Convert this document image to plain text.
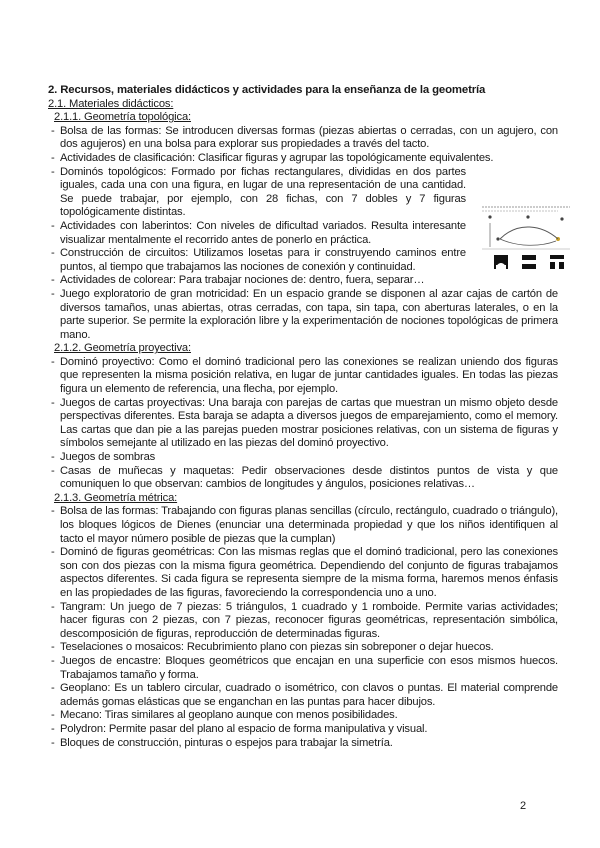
2. Recursos, materiales didácticos y actividades para la enseñanza de la geometría
2.1. Materiales didácticos:
2.1.1. Geometría topológica:
- Bolsa de las formas: Se introducen diversas formas (piezas abiertas o cerradas, con un agujero, con dos agujeros) en una bolsa para explorar sus propiedades a través del tacto.
- Actividades de clasificación: Clasificar figuras y agrupar las topológicamente equivalentes.
- Dominós topológicos: Formado por fichas rectangulares, divididas en dos partes iguales, cada una con una figura, en lugar de una representación de una cantidad. Se puede trabajar, por ejemplo, con 28 fichas, con 7 dobles y 7 figuras topológicamente distintas.
- Actividades con laberintos: Con niveles de dificultad variados. Resulta interesante visualizar mentalmente el recorrido antes de ponerlo en práctica.
- Construcción de circuitos: Utilizamos losetas para ir construyendo caminos entre puntos, al tiempo que trabajamos las nociones de conexión y continuidad.
- Actividades de colorear: Para trabajar nociones de: dentro, fuera, separar…
- Juego exploratorio de gran motricidad: En un espacio grande se disponen al azar cajas de cartón de diversos tamaños, unas abiertas, otras cerradas, con tapa, sin tapa, con aberturas laterales, o en la parte superior. Se permite la exploración libre y la experimentación de nociones topológicas de primera mano.
2.1.2. Geometría proyectiva:
- Dominó proyectivo: Como el dominó tradicional pero las conexiones se realizan uniendo dos figuras que representen la misma posición relativa, en lugar de juntar cantidades iguales. En todas las piezas figura un elemento de referencia, una flecha, por ejemplo.
- Juegos de cartas proyectivas: Una baraja con parejas de cartas que muestran un mismo objeto desde perspectivas diferentes. Esta baraja se adapta a diversos juegos de emparejamiento, como el memory. Las cartas que dan pie a las parejas pueden mostrar posiciones relativas, con un sistema de figuras y símbolos semejante al utilizado en las piezas del dominó proyectivo.
- Juegos de sombras
- Casas de muñecas y maquetas: Pedir observaciones desde distintos puntos de vista y que comuniquen lo que observan: cambios de longitudes y ángulos, posiciones relativas…
2.1.3. Geometría métrica:
- Bolsa de las formas: Trabajando con figuras planas sencillas (círculo, rectángulo, cuadrado o triángulo), los bloques lógicos de Dienes (enunciar una determinada propiedad y que los niños identifiquen al tacto el mayor número posible de piezas que la cumplan)
- Dominó de figuras geométricas: Con las mismas reglas que el dominó tradicional, pero las conexiones son con dos piezas con la misma figura geométrica. Dependiendo del conjunto de figuras trabajamos aspectos diferentes. Si cada figura se representa siempre de la misma forma, haremos menos énfasis en las propiedades de las figuras, favoreciendo la correspondencia uno a uno.
- Tangram: Un juego de 7 piezas: 5 triángulos, 1 cuadrado y 1 romboide. Permite varias actividades; hacer figuras con 2 piezas, con 7 piezas, reconocer figuras geométricas, representación simbólica, descomposición de figuras, reproducción de determinadas figuras.
- Teselaciones o mosaicos: Recubrimiento plano con piezas sin sobreponer o dejar huecos.
- Juegos de encastre: Bloques geométricos que encajan en una superficie con esos mismos huecos. Trabajamos tamaño y forma.
- Geoplano: Es un tablero circular, cuadrado o isométrico, con clavos o puntas. El material comprende además gomas elásticas que se enganchan en las puntas para hacer dibujos.
- Mecano: Tiras similares al geoplano aunque con menos posibilidades.
- Polydron: Permite pasar del plano al espacio de forma manipulativa y visual.
- Bloques de construcción, pinturas o espejos para trabajar la simetría.
2
